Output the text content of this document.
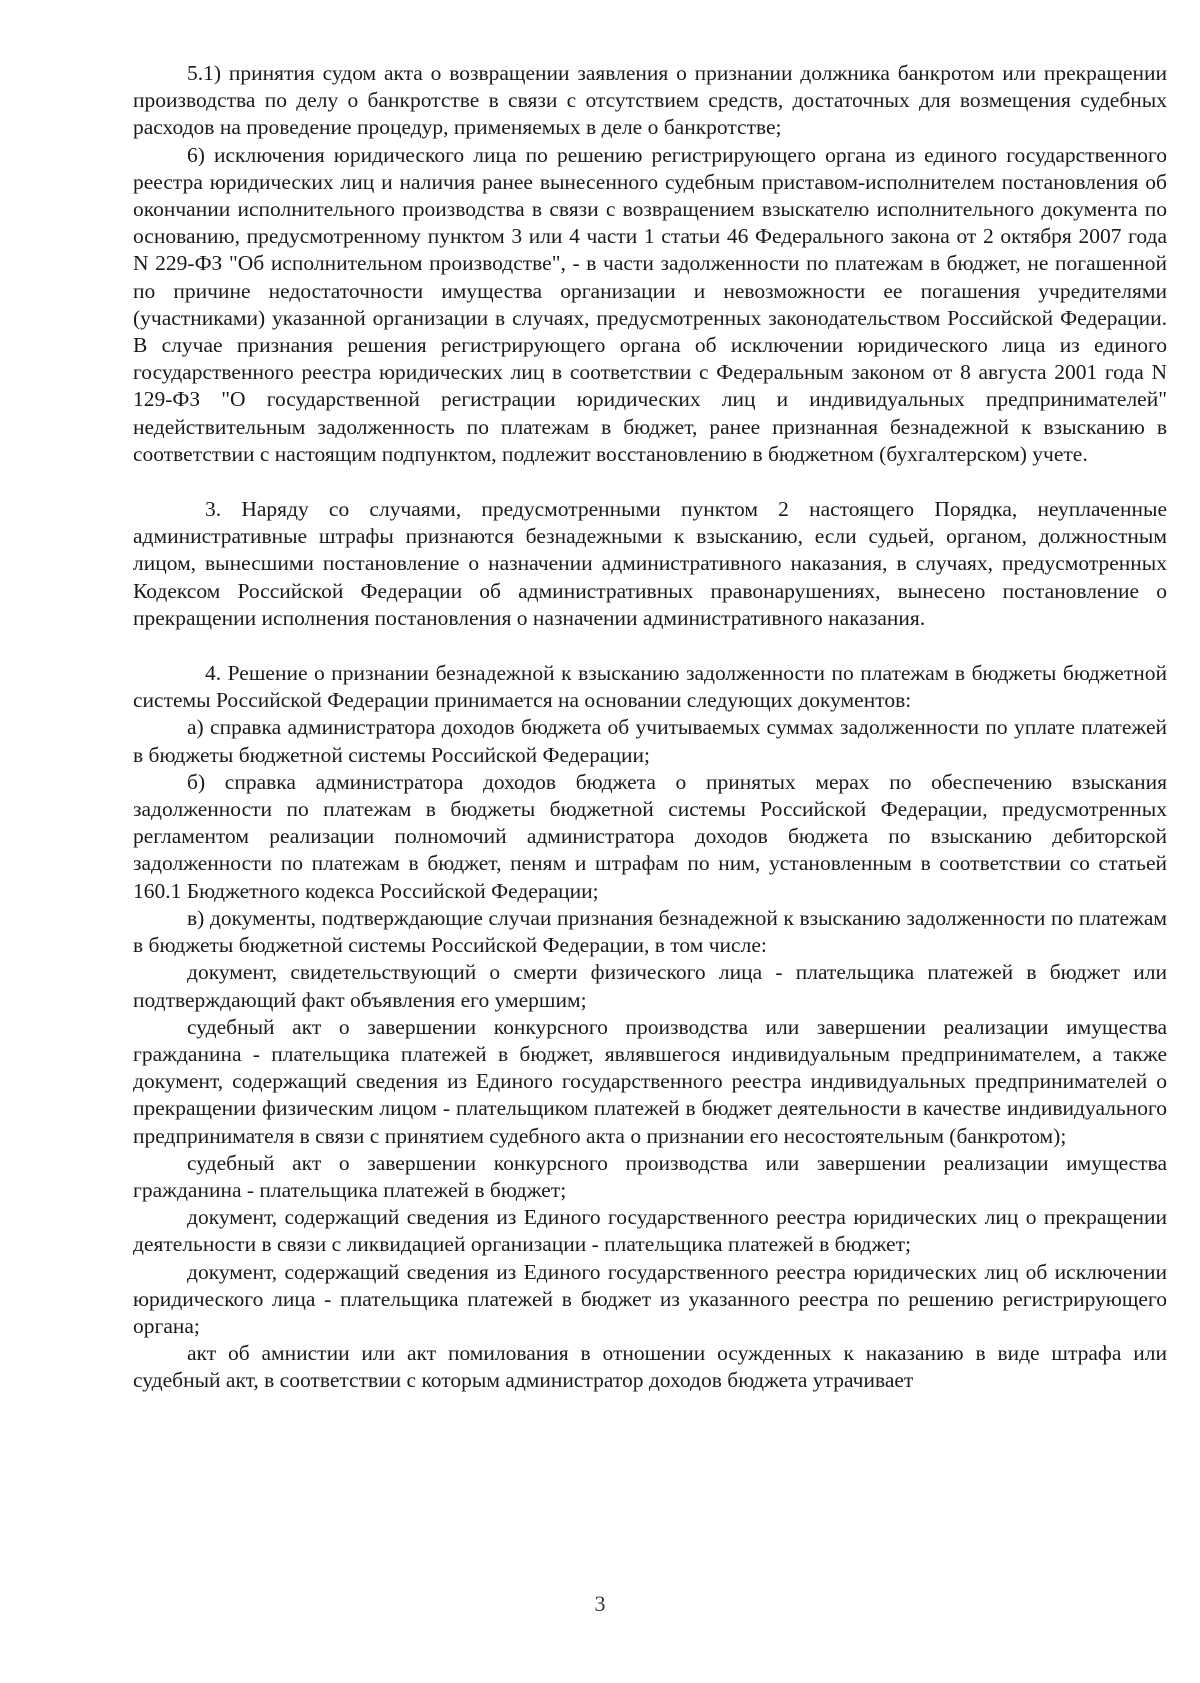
5.1) принятия судом акта о возвращении заявления о признании должника банкротом или прекращении производства по делу о банкротстве в связи с отсутствием средств, достаточных для возмещения судебных расходов на проведение процедур, применяемых в деле о банкротстве;

6) исключения юридического лица по решению регистрирующего органа из единого государственного реестра юридических лиц и наличия ранее вынесенного судебным приставом-исполнителем постановления об окончании исполнительного производства в связи с возвращением взыскателю исполнительного документа по основанию, предусмотренному пунктом 3 или 4 части 1 статьи 46 Федерального закона от 2 октября 2007 года N 229-ФЗ "Об исполнительном производстве", - в части задолженности по платежам в бюджет, не погашенной по причине недостаточности имущества организации и невозможности ее погашения учредителями (участниками) указанной организации в случаях, предусмотренных законодательством Российской Федерации. В случае признания решения регистрирующего органа об исключении юридического лица из единого государственного реестра юридических лиц в соответствии с Федеральным законом от 8 августа 2001 года N 129-ФЗ "О государственной регистрации юридических лиц и индивидуальных предпринимателей" недействительным задолженность по платежам в бюджет, ранее признанная безнадежной к взысканию в соответствии с настоящим подпунктом, подлежит восстановлению в бюджетном (бухгалтерском) учете.

3. Наряду со случаями, предусмотренными пунктом 2 настоящего Порядка, неуплаченные административные штрафы признаются безнадежными к взысканию, если судьей, органом, должностным лицом, вынесшими постановление о назначении административного наказания, в случаях, предусмотренных Кодексом Российской Федерации об административных правонарушениях, вынесено постановление о прекращении исполнения постановления о назначении административного наказания.

4. Решение о признании безнадежной к взысканию задолженности по платежам в бюджеты бюджетной системы Российской Федерации принимается на основании следующих документов:

а) справка администратора доходов бюджета об учитываемых суммах задолженности по уплате платежей в бюджеты бюджетной системы Российской Федерации;

б) справка администратора доходов бюджета о принятых мерах по обеспечению взыскания задолженности по платежам в бюджеты бюджетной системы Российской Федерации, предусмотренных регламентом реализации полномочий администратора доходов бюджета по взысканию дебиторской задолженности по платежам в бюджет, пеням и штрафам по ним, установленным в соответствии со статьей 160.1 Бюджетного кодекса Российской Федерации;

в) документы, подтверждающие случаи признания безнадежной к взысканию задолженности по платежам в бюджеты бюджетной системы Российской Федерации, в том числе:

документ, свидетельствующий о смерти физического лица - плательщика платежей в бюджет или подтверждающий факт объявления его умершим;

судебный акт о завершении конкурсного производства или завершении реализации имущества гражданина - плательщика платежей в бюджет, являвшегося индивидуальным предпринимателем, а также документ, содержащий сведения из Единого государственного реестра индивидуальных предпринимателей о прекращении физическим лицом - плательщиком платежей в бюджет деятельности в качестве индивидуального предпринимателя в связи с принятием судебного акта о признании его несостоятельным (банкротом);

судебный акт о завершении конкурсного производства или завершении реализации имущества гражданина - плательщика платежей в бюджет;

документ, содержащий сведения из Единого государственного реестра юридических лиц о прекращении деятельности в связи с ликвидацией организации - плательщика платежей в бюджет;

документ, содержащий сведения из Единого государственного реестра юридических лиц об исключении юридического лица - плательщика платежей в бюджет из указанного реестра по решению регистрирующего органа;

акт об амнистии или акт помилования в отношении осужденных к наказанию в виде штрафа или судебный акт, в соответствии с которым администратор доходов бюджета утрачивает

3
